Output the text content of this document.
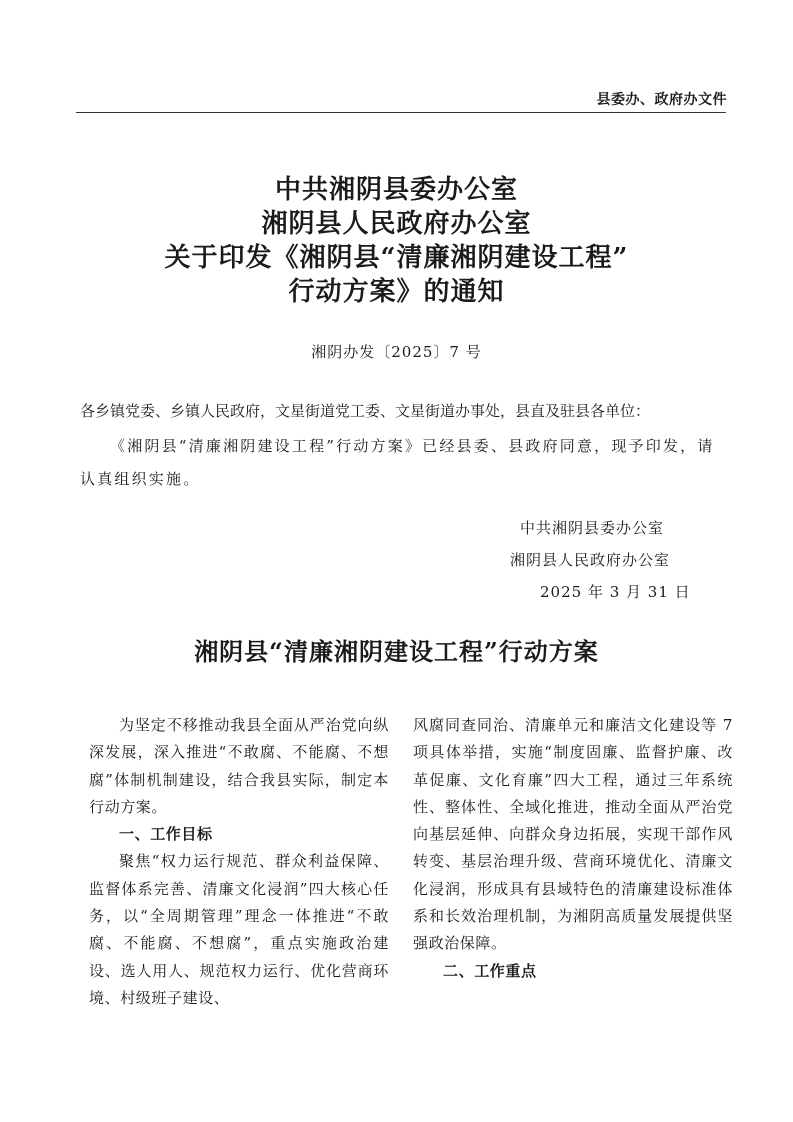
县委办、政府办文件
中共湘阴县委办公室
湘阴县人民政府办公室
关于印发《湘阴县“清廉湘阴建设工程”
行动方案》的通知
湘阴办发〔2025〕7 号
各乡镇党委、乡镇人民政府，文星街道党工委、文星街道办事处，县直及驻县各单位：

《湘阴县“清廉湘阴建设工程”行动方案》已经县委、县政府同意，现予印发，请认真组织实施。

中共湘阴县委办公室
湘阴县人民政府办公室
2025 年 3 月 31 日
湘阴县“清廉湘阴建设工程”行动方案

为坚定不移推动我县全面从严治党向纵深发展，深入推进“不敢腐、不能腐、不想腐”体制机制建设，结合我县实际，制定本行动方案。

一、工作目标

聚焦“权力运行规范、群众利益保障、监督体系完善、清廉文化浸润”四大核心任务，以“全周期管理”理念一体推进“不敢腐、不能腐、不想腐”，重点实施政治建设、选人用人、规范权力运行、优化营商环境、村级班子建设、

风腐同查同治、清廉单元和廉洁文化建设等 7 项具体举措，实施“制度固廉、监督护廉、改革促廉、文化育廉”四大工程，通过三年系统性、整体性、全域化推进，推动全面从严治党向基层延伸、向群众身边拓展，实现干部作风转变、基层治理升级、营商环境优化、清廉文化浸润，形成具有县域特色的清廉建设标准体系和长效治理机制，为湘阴高质量发展提供坚强政治保障。

二、工作重点
